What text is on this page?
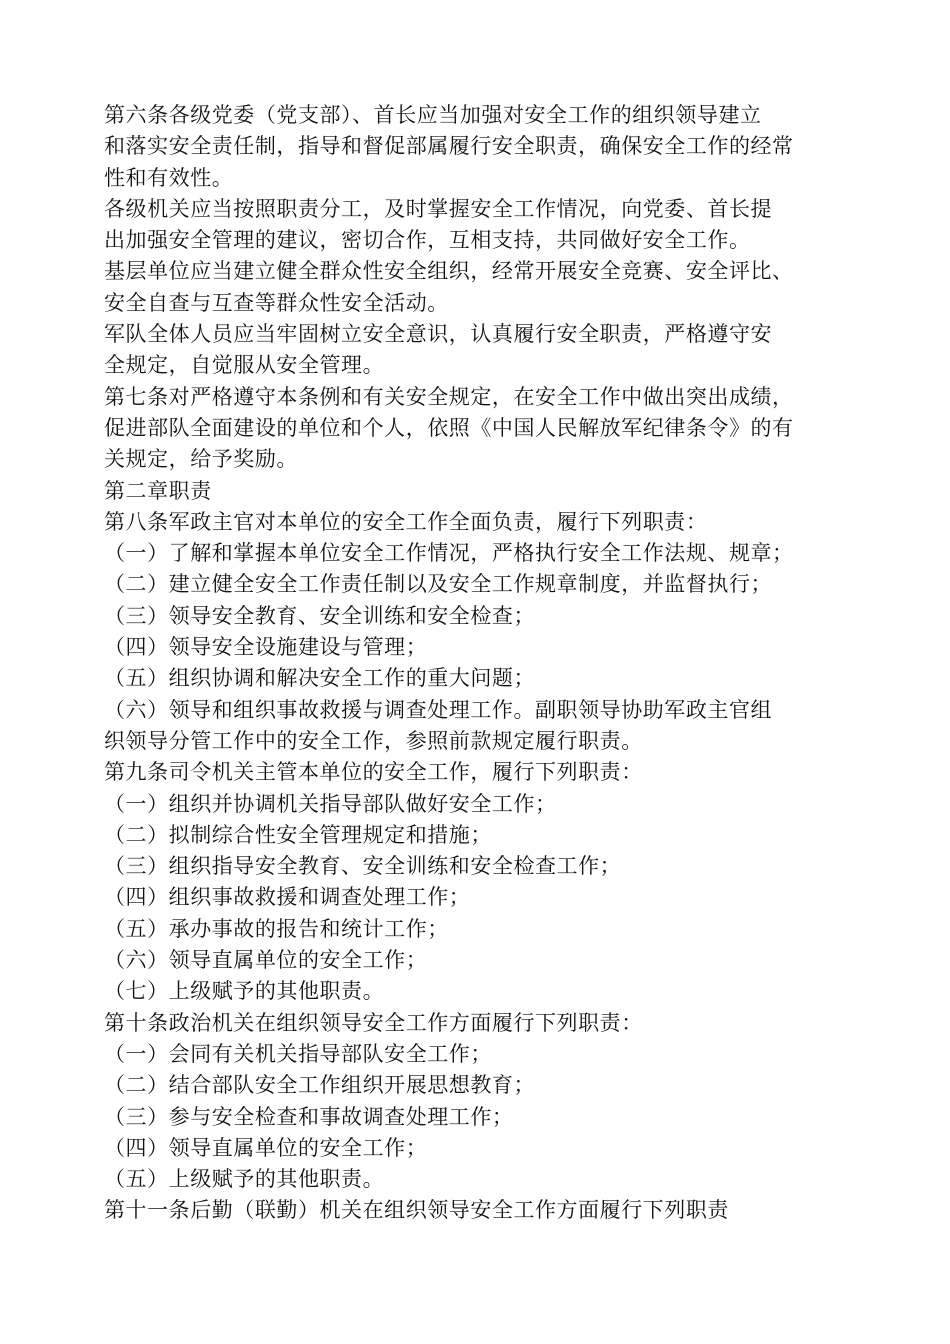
第六条各级党委（党支部）、首长应当加强对安全工作的组织领导建立
和落实安全责任制，指导和督促部属履行安全职责，确保安全工作的经常
性和有效性。
各级机关应当按照职责分工，及时掌握安全工作情况，向党委、首长提
出加强安全管理的建议，密切合作，互相支持，共同做好安全工作。
基层单位应当建立健全群众性安全组织，经常开展安全竞赛、安全评比、
安全自查与互查等群众性安全活动。
军队全体人员应当牢固树立安全意识，认真履行安全职责，严格遵守安
全规定，自觉服从安全管理。
第七条对严格遵守本条例和有关安全规定，在安全工作中做出突出成绩，
促进部队全面建设的单位和个人，依照《中国人民解放军纪律条令》的有
关规定，给予奖励。
第二章职责
第八条军政主官对本单位的安全工作全面负责，履行下列职责：
（一）了解和掌握本单位安全工作情况，严格执行安全工作法规、规章；
（二）建立健全安全工作责任制以及安全工作规章制度，并监督执行；
（三）领导安全教育、安全训练和安全检查；
（四）领导安全设施建设与管理；
（五）组织协调和解决安全工作的重大问题；
（六）领导和组织事故救援与调查处理工作。副职领导协助军政主官组
织领导分管工作中的安全工作，参照前款规定履行职责。
第九条司令机关主管本单位的安全工作，履行下列职责：
（一）组织并协调机关指导部队做好安全工作；
（二）拟制综合性安全管理规定和措施；
（三）组织指导安全教育、安全训练和安全检查工作；
（四）组织事故救援和调查处理工作；
（五）承办事故的报告和统计工作；
（六）领导直属单位的安全工作；
（七）上级赋予的其他职责。
第十条政治机关在组织领导安全工作方面履行下列职责：
（一）会同有关机关指导部队安全工作；
（二）结合部队安全工作组织开展思想教育；
（三）参与安全检查和事故调查处理工作；
（四）领导直属单位的安全工作；
（五）上级赋予的其他职责。
第十一条后勤（联勤）机关在组织领导安全工作方面履行下列职责
